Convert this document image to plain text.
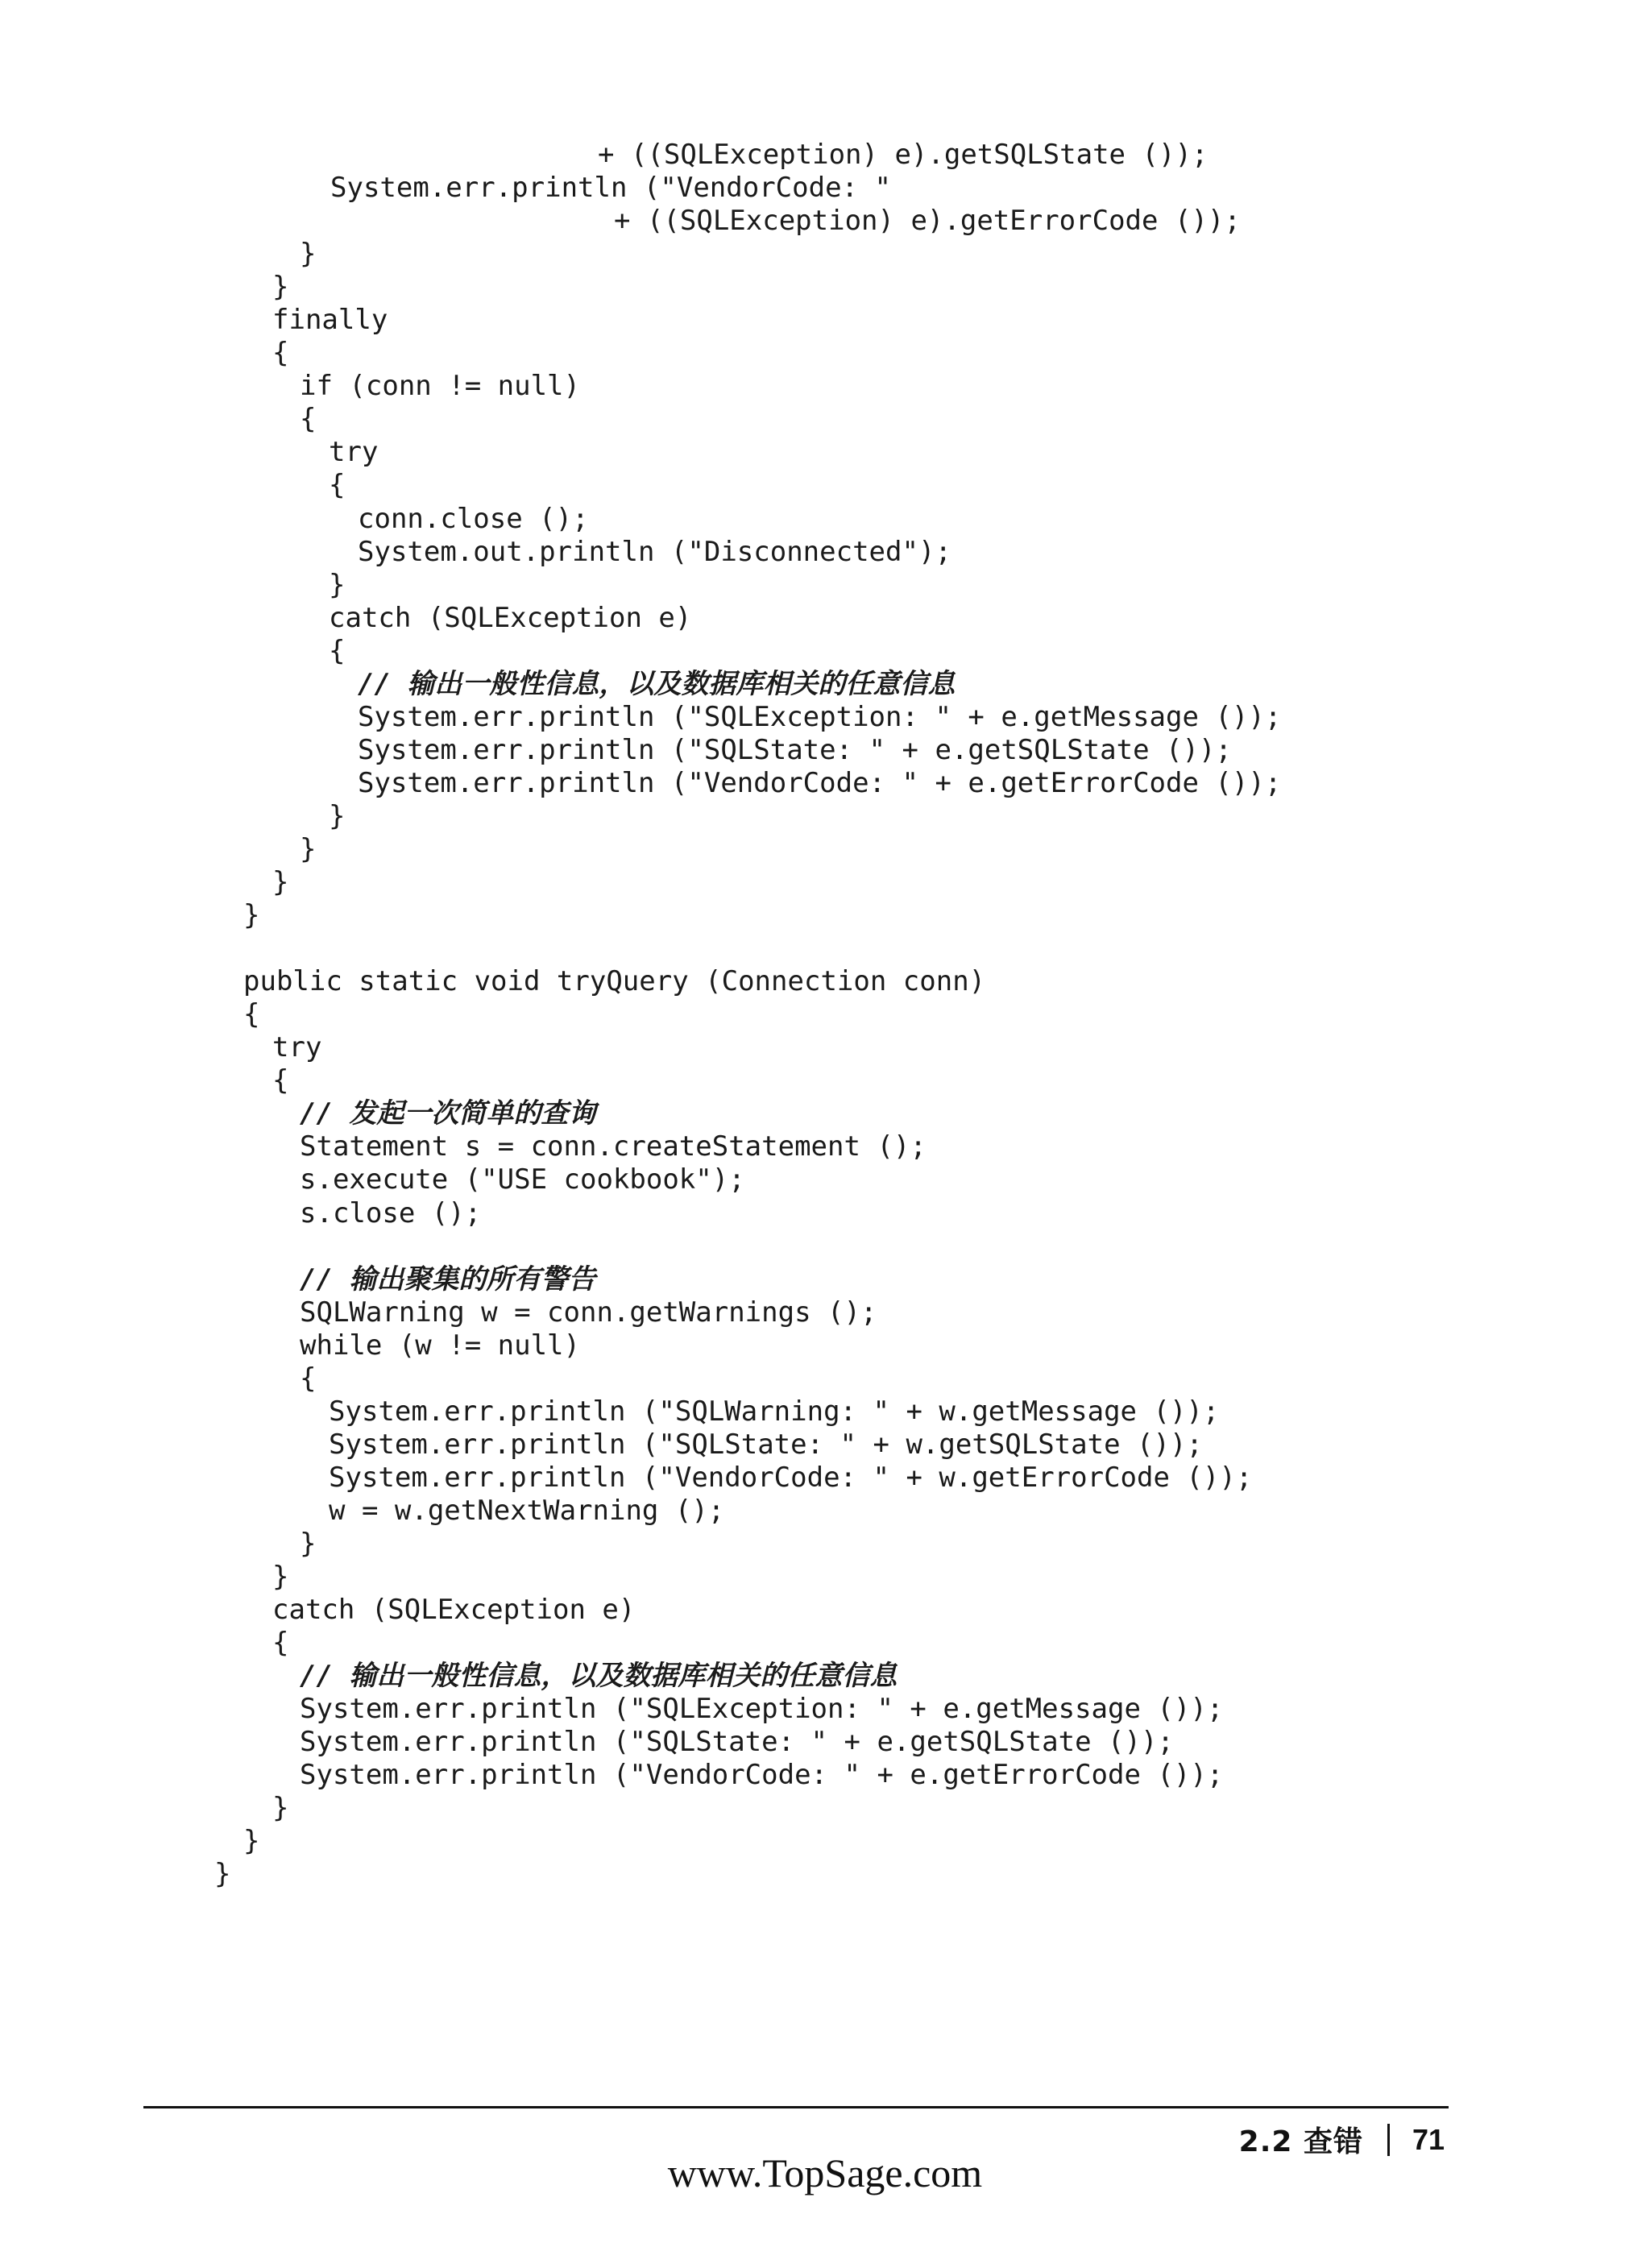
+ ((SQLException) e).getSQLState ());
System.err.println ("VendorCode: "
+ ((SQLException) e).getErrorCode ());
}
}
finally
{
if (conn != null)
{
try
{
conn.close ();
System.out.println ("Disconnected");
}
catch (SQLException e)
{
// 输出一般性信息，以及数据库相关的任意信息
System.err.println ("SQLException: " + e.getMessage ());
System.err.println ("SQLState: " + e.getSQLState ());
System.err.println ("VendorCode: " + e.getErrorCode ());
}
}
}
}
public static void tryQuery (Connection conn)
{
try
{
// 发起一次简单的查询
Statement s = conn.createStatement ();
s.execute ("USE cookbook");
s.close ();
// 输出聚集的所有警告
SQLWarning w = conn.getWarnings ();
while (w != null)
{
System.err.println ("SQLWarning: " + w.getMessage ());
System.err.println ("SQLState: " + w.getSQLState ());
System.err.println ("VendorCode: " + w.getErrorCode ());
w = w.getNextWarning ();
}
}
catch (SQLException e)
{
// 输出一般性信息，以及数据库相关的任意信息
System.err.println ("SQLException: " + e.getMessage ());
System.err.println ("SQLState: " + e.getSQLState ());
System.err.println ("VendorCode: " + e.getErrorCode ());
}
}
}
2.2 查错 71
www.TopSage.com
